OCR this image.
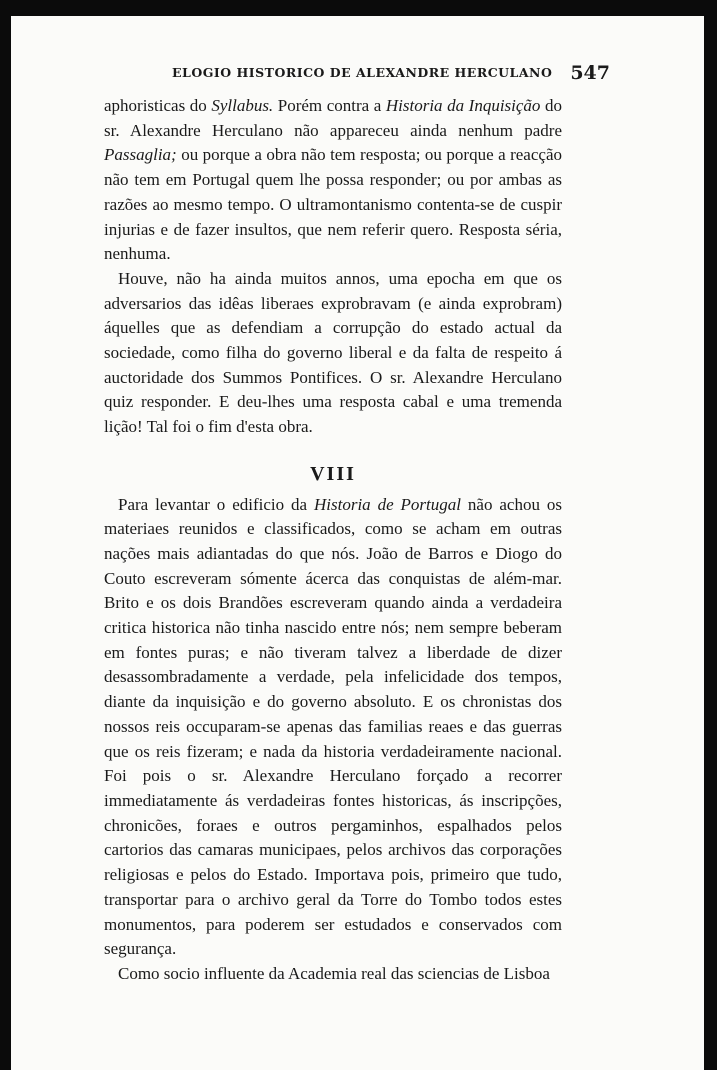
ELOGIO HISTORICO DE ALEXANDRE HERCULANO 547

aphoristicas do Syllabus. Porém contra a Historia da Inquisição do sr. Alexandre Herculano não appareceu ainda nenhum padre Passaglia; ou porque a obra não tem resposta; ou porque a reacção não tem em Portugal quem lhe possa responder; ou por ambas as razões ao mesmo tempo. O ultramontanismo contenta-se de cuspir injurias e de fazer insultos, que nem referir quero. Resposta séria, nenhuma.

Houve, não ha ainda muitos annos, uma epocha em que os adversarios das idêas liberaes exprobravam (e ainda exprobram) áquelles que as defendiam a corrupção do estado actual da sociedade, como filha do governo liberal e da falta de respeito á auctoridade dos Summos Pontifices. O sr. Alexandre Herculano quiz responder. E deu-lhes uma resposta cabal e uma tremenda lição! Tal foi o fim d'esta obra.

VIII

Para levantar o edificio da Historia de Portugal não achou os materiaes reunidos e classificados, como se acham em outras nações mais adiantadas do que nós. João de Barros e Diogo do Couto escreveram sómente ácerca das conquistas de além-mar. Brito e os dois Brandões escreveram quando ainda a verdadeira critica historica não tinha nascido entre nós; nem sempre beberam em fontes puras; e não tiveram talvez a liberdade de dizer desassombradamente a verdade, pela infelicidade dos tempos, diante da inquisição e do governo absoluto. E os chronistas dos nossos reis occuparam-se apenas das familias reaes e das guerras que os reis fizeram; e nada da historia verdadeiramente nacional. Foi pois o sr. Alexandre Herculano forçado a recorrer immediatamente ás verdadeiras fontes historicas, ás inscripções, chronicões, foraes e outros pergaminhos, espalhados pelos cartorios das camaras municipaes, pelos archivos das corporações religiosas e pelos do Estado. Importava pois, primeiro que tudo, transportar para o archivo geral da Torre do Tombo todos estes monumentos, para poderem ser estudados e conservados com segurança.

Como socio influente da Academia real das sciencias de Lisboa
